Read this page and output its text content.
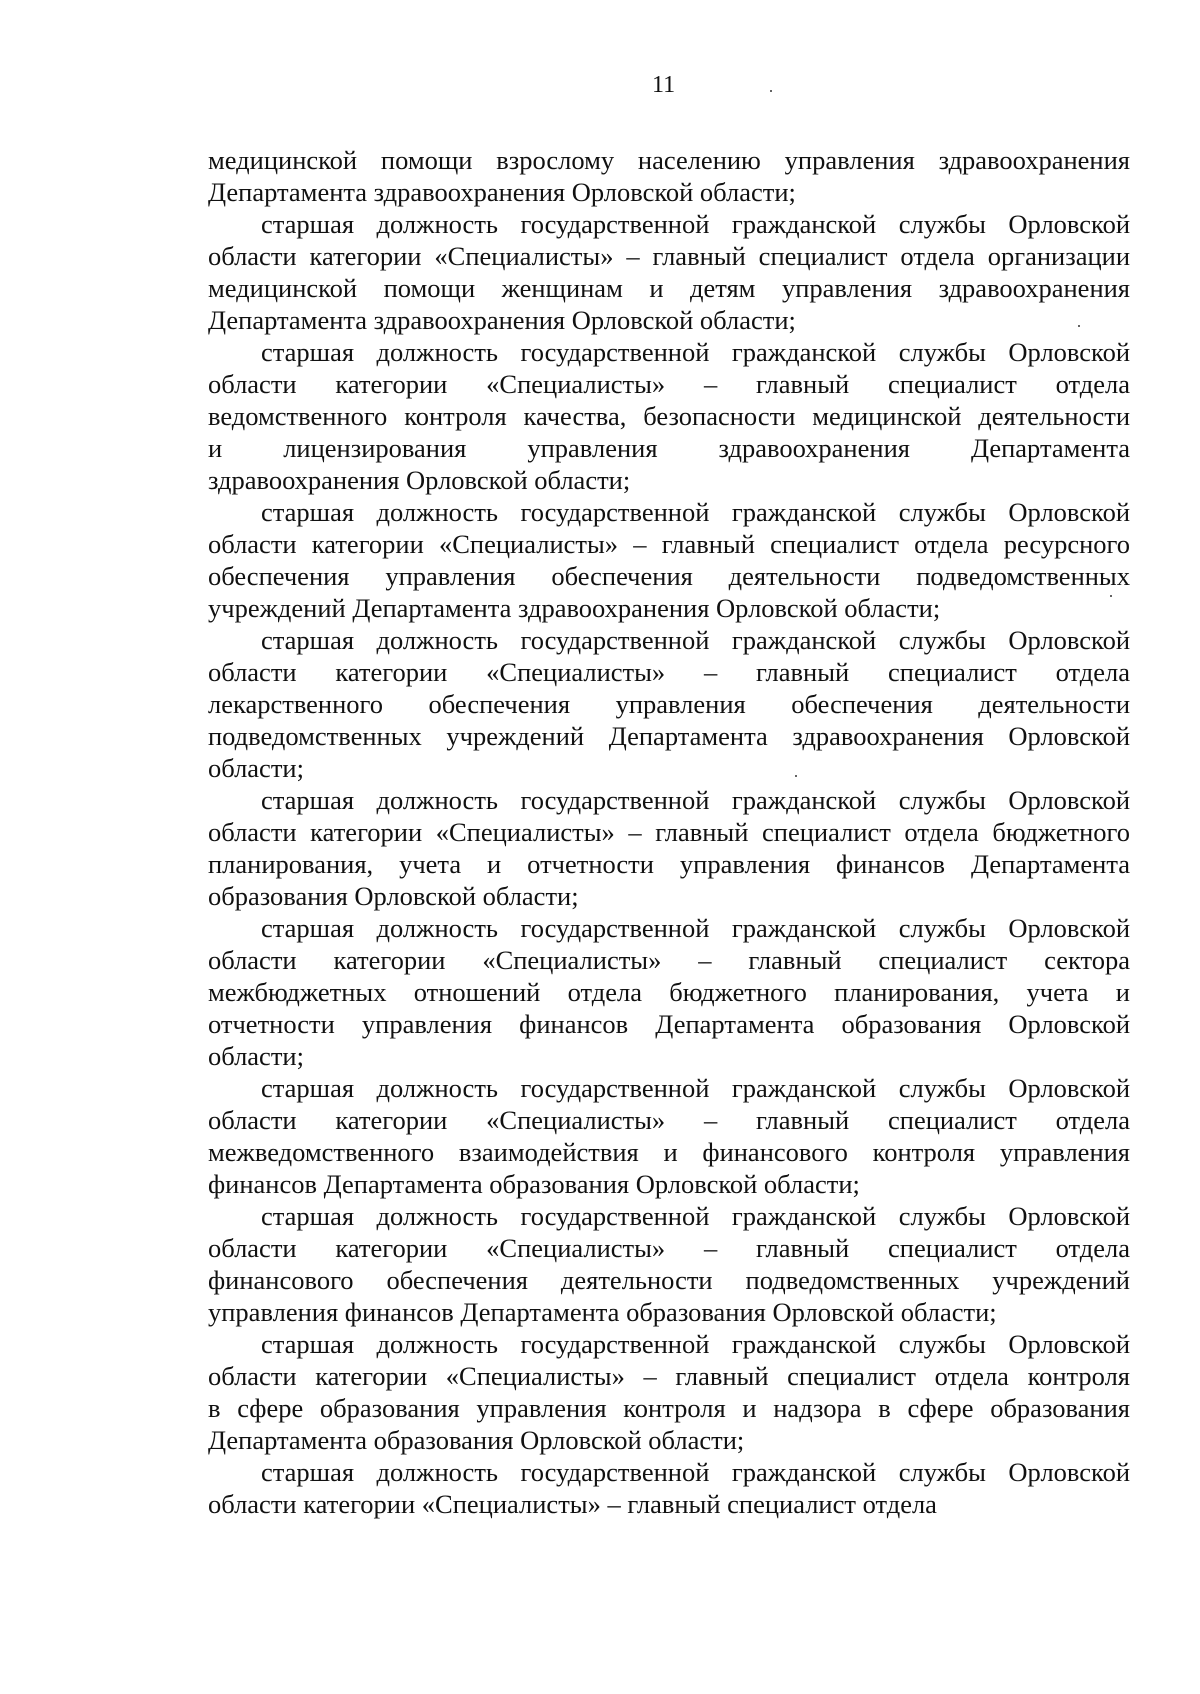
11
медицинской помощи взрослому населению управления здравоохранения
Департамента здравоохранения Орловской области;
старшая должность государственной гражданской службы Орловской
области категории «Специалисты» – главный специалист отдела организации
медицинской помощи женщинам и детям управления здравоохранения
Департамента здравоохранения Орловской области;
старшая должность государственной гражданской службы Орловской
области категории «Специалисты» – главный специалист отдела
ведомственного контроля качества, безопасности медицинской деятельности
и лицензирования управления здравоохранения Департамента
здравоохранения Орловской области;
старшая должность государственной гражданской службы Орловской
области категории «Специалисты» – главный специалист отдела ресурсного
обеспечения управления обеспечения деятельности подведомственных
учреждений Департамента здравоохранения Орловской области;
старшая должность государственной гражданской службы Орловской
области категории «Специалисты» – главный специалист отдела
лекарственного обеспечения управления обеспечения деятельности
подведомственных учреждений Департамента здравоохранения Орловской
области;
старшая должность государственной гражданской службы Орловской
области категории «Специалисты» – главный специалист отдела бюджетного
планирования, учета и отчетности управления финансов Департамента
образования Орловской области;
старшая должность государственной гражданской службы Орловской
области категории «Специалисты» – главный специалист сектора
межбюджетных отношений отдела бюджетного планирования, учета и
отчетности управления финансов Департамента образования Орловской
области;
старшая должность государственной гражданской службы Орловской
области категории «Специалисты» – главный специалист отдела
межведомственного взаимодействия и финансового контроля управления
финансов Департамента образования Орловской области;
старшая должность государственной гражданской службы Орловской
области категории «Специалисты» – главный специалист отдела
финансового обеспечения деятельности подведомственных учреждений
управления финансов Департамента образования Орловской области;
старшая должность государственной гражданской службы Орловской
области категории «Специалисты» – главный специалист отдела контроля
в сфере образования управления контроля и надзора в сфере образования
Департамента образования Орловской области;
старшая должность государственной гражданской службы Орловской
области категории «Специалисты» – главный специалист отдела
